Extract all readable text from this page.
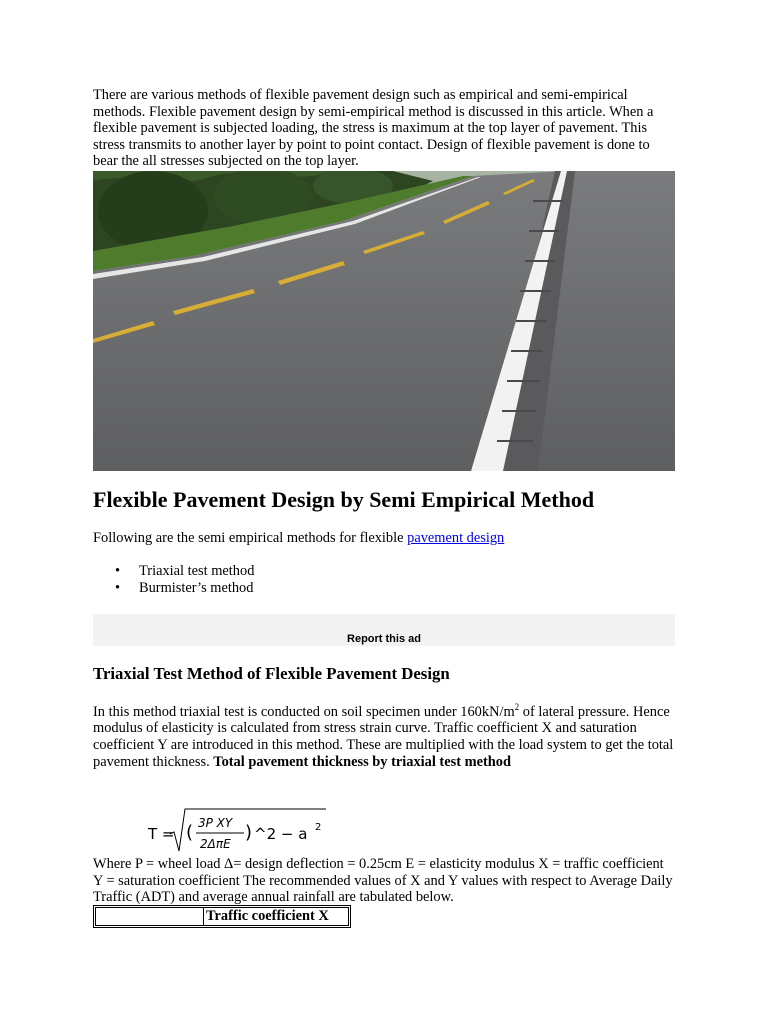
There are various methods of flexible pavement design such as empirical and semi-empirical methods. Flexible pavement design by semi-empirical method is discussed in this article. When a flexible pavement is subjected loading, the stress is maximum at the top layer of pavement. This stress transmits to another layer by point to point contact. Design of flexible pavement is done to bear the all stresses subjected on the top layer.

Flexible Pavement Design by Semi Empirical Method

Following are the semi empirical methods for flexible pavement design

• Triaxial test method
• Burmister’s method
Report this ad
Triaxial Test Method of Flexible Pavement Design

In this method triaxial test is conducted on soil specimen under $160kN/m^2$ of lateral pressure. Hence modulus of elasticity is calculated from stress strain curve. Traffic coefficient X and saturation coefficient Y are introduced in this method. These are multiplied with the load system to get the total pavement thickness. Total pavement thickness by triaxial test method

T = ( 3P XY
2ΔπE
) ^2 − a 2

Where P = wheel load Δ= design deflection = 0.25cm E = elasticity modulus X = traffic coefficient Y = saturation coefficient The recommended values of X and Y values with respect to Average Daily Traffic (ADT) and average annual rainfall are tabulated below.

Traffic coefficient X
